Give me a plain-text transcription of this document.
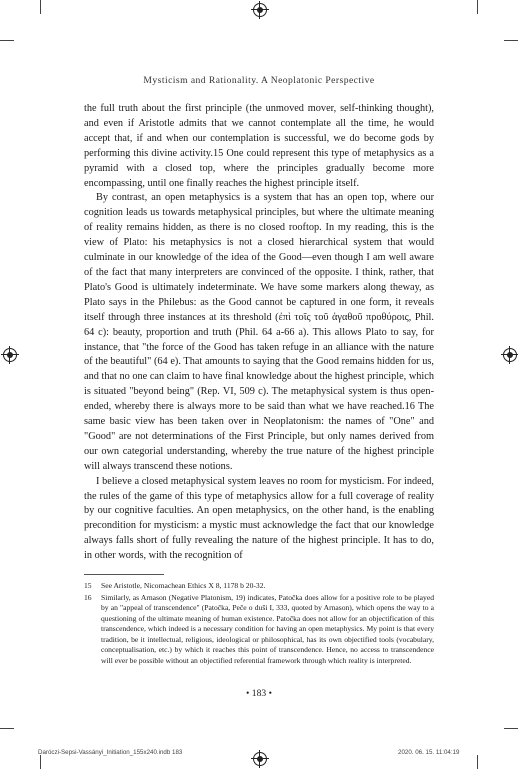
Mysticism and Rationality. A Neoplatonic Perspective

the full truth about the first principle (the unmoved mover, self-thinking thought), and even if Aristotle admits that we cannot contemplate all the time, he would accept that, if and when our contemplation is successful, we do become gods by performing this divine activity.15 One could represent this type of metaphysics as a pyramid with a closed top, where the principles gradually become more encompassing, until one finally reaches the highest principle itself.

By contrast, an open metaphysics is a system that has an open top, where our cognition leads us towards metaphysical principles, but where the ultimate meaning of reality remains hidden, as there is no closed rooftop. In my reading, this is the view of Plato: his metaphysics is not a closed hierarchical system that would culminate in our knowledge of the idea of the Good—even though I am well aware of the fact that many interpreters are convinced of the opposite. I think, rather, that Plato's Good is ultimately indeterminate. We have some markers along theway, as Plato says in the Philebus: as the Good cannot be captured in one form, it reveals itself through three instances at its threshold (ἐπὶ τοῖς τοῦ ἀγαθοῦ προθύροις, Phil. 64 c): beauty, proportion and truth (Phil. 64 a-66 a). This allows Plato to say, for instance, that "the force of the Good has taken refuge in an alliance with the nature of the beautiful" (64 e). That amounts to saying that the Good remains hidden for us, and that no one can claim to have final knowledge about the highest principle, which is situated "beyond being" (Rep. VI, 509 c). The metaphysical system is thus open-ended, whereby there is always more to be said than what we have reached.16 The same basic view has been taken over in Neoplatonism: the names of "One" and "Good" are not determinations of the First Principle, but only names derived from our own categorial understanding, whereby the true nature of the highest principle will always transcend these notions.

I believe a closed metaphysical system leaves no room for mysticism. For indeed, the rules of the game of this type of metaphysics allow for a full coverage of reality by our cognitive faculties. An open metaphysics, on the other hand, is the enabling precondition for mysticism: a mystic must acknowledge the fact that our knowledge always falls short of fully revealing the nature of the highest principle. It has to do, in other words, with the recognition of

15 See Aristotle, Nicomachean Ethics X 8, 1178 b 20-32.

16 Similarly, as Arnason (Negative Platonism, 19) indicates, Patočka does allow for a positive role to be played by an "appeal of transcendence" (Patočka, Peče o duši I, 333, quoted by Arnason), which opens the way to a questioning of the ultimate meaning of human existence. Patočka does not allow for an objectification of this transcendence, which indeed is a necessary condition for having an open metaphysics. My point is that every tradition, be it intellectual, religious, ideological or philosophical, has its own objectified tools (vocabulary, conceptualisation, etc.) by which it reaches this point of transcendence. Hence, no access to transcendence will ever be possible without an objectified referential framework through which reality is interpreted.

• 183 •
Daróczi-Sepsi-Vassányi_Initiation_155x240.indb 183	2020. 06. 15. 11:04:19
